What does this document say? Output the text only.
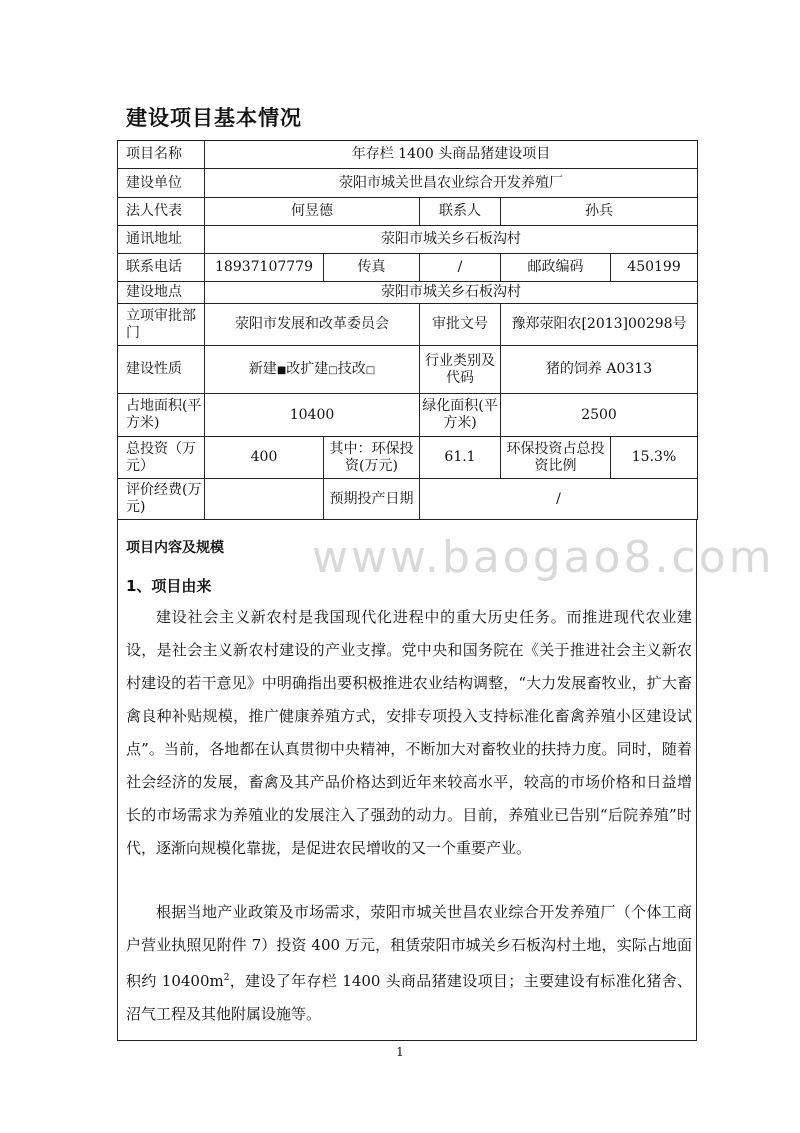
建设项目基本情况
项目名称	年存栏 1400 头商品猪建设项目				
建设单位	荥阳市城关世昌农业综合开发养殖厂				
法人代表	何昱德		联系人	孙兵	
通讯地址	荥阳市城关乡石板沟村				
联系电话	18937107779	传真	/	邮政编码	450199
建设地点	荥阳市城关乡石板沟村				
立项审批部门	荥阳市发展和改革委员会		审批文号	豫郑荥阳农[2013]00298号	
建设性质	新建■改扩建□技改□		行业类别及代码	猪的饲养 A0313	
占地面积(平方米)	10400		绿化面积(平方米)	2500	
总投资（万元）	400	其中：环保投资(万元)	61.1	环保投资占总投资比例	15.3%
评价经费(万元)		预期投产日期	/		
项目内容及规模
1、项目由来

建设社会主义新农村是我国现代化进程中的重大历史任务。而推进现代农业建设，是社会主义新农村建设的产业支撑。党中央和国务院在《关于推进社会主义新农村建设的若干意见》中明确指出要积极推进农业结构调整，“大力发展畜牧业，扩大畜禽良种补贴规模，推广健康养殖方式，安排专项投入支持标准化畜禽养殖小区建设试点”。当前，各地都在认真贯彻中央精神，不断加大对畜牧业的扶持力度。同时，随着社会经济的发展，畜禽及其产品价格达到近年来较高水平，较高的市场价格和日益增长的市场需求为养殖业的发展注入了强劲的动力。目前，养殖业已告别“后院养殖”时代，逐渐向规模化靠拢，是促进农民增收的又一个重要产业。

根据当地产业政策及市场需求，荥阳市城关世昌农业综合开发养殖厂（个体工商户营业执照见附件 7）投资 400 万元，租赁荥阳市城关乡石板沟村土地，实际占地面积约 $10400m^2$，建设了年存栏 1400 头商品猪建设项目；主要建设有标准化猪舍、沼气工程及其他附属设施等。

www.baogao8.com
1
